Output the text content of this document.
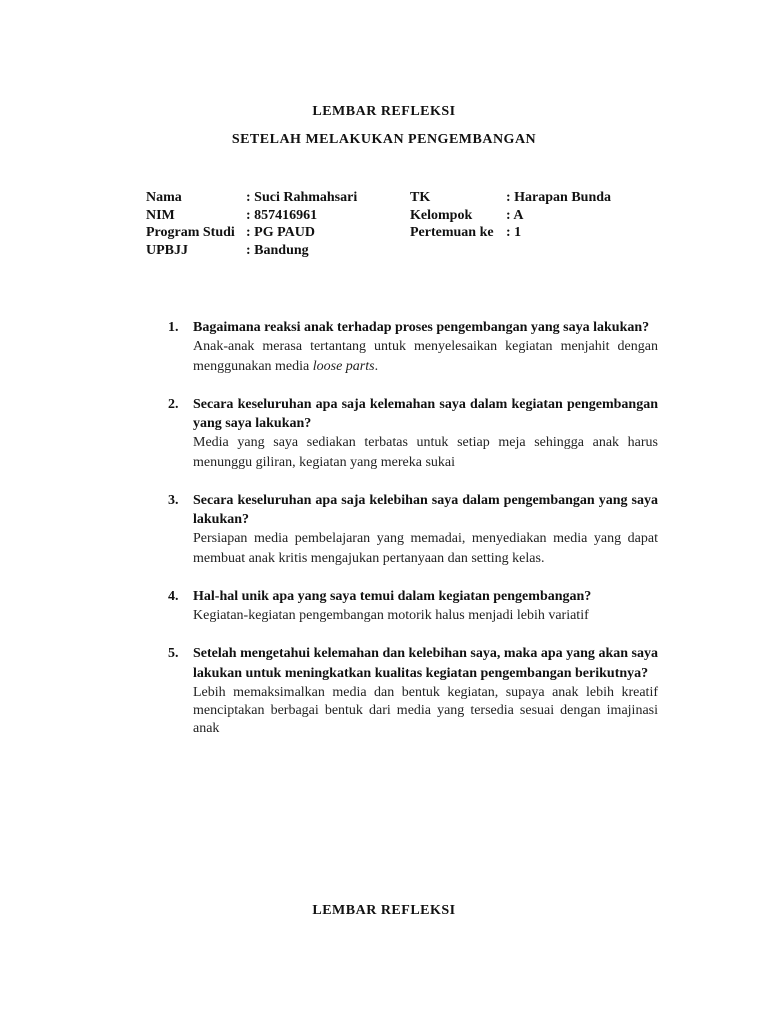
LEMBAR REFLEKSI
SETELAH MELAKUKAN PENGEMBANGAN
Nama	: Suci Rahmahsari	TK	: Harapan Bunda
NIM	: 857416961	Kelompok : A
Program Studi : PG PAUD	Pertemuan ke : 1
UPBJJ	: Bandung
1. Bagaimana reaksi anak terhadap proses pengembangan yang saya lakukan?
Anak-anak merasa tertantang untuk menyelesaikan kegiatan menjahit dengan menggunakan media loose parts.
2. Secara keseluruhan apa saja kelemahan saya dalam kegiatan pengembangan yang saya lakukan?
Media yang saya sediakan terbatas untuk setiap meja sehingga anak harus menunggu giliran, kegiatan yang mereka sukai
3. Secara keseluruhan apa saja kelebihan saya dalam pengembangan yang saya lakukan?
Persiapan media pembelajaran yang memadai, menyediakan media yang dapat membuat anak kritis mengajukan pertanyaan dan setting kelas.
4. Hal-hal unik apa yang saya temui dalam kegiatan pengembangan?
Kegiatan-kegiatan pengembangan motorik halus menjadi lebih variatif
5. Setelah mengetahui kelemahan dan kelebihan saya, maka apa yang akan saya lakukan untuk meningkatkan kualitas kegiatan pengembangan berikutnya?
Lebih memaksimalkan media dan bentuk kegiatan, supaya anak lebih kreatif menciptakan berbagai bentuk dari media yang tersedia sesuai dengan imajinasi anak
LEMBAR REFLEKSI
